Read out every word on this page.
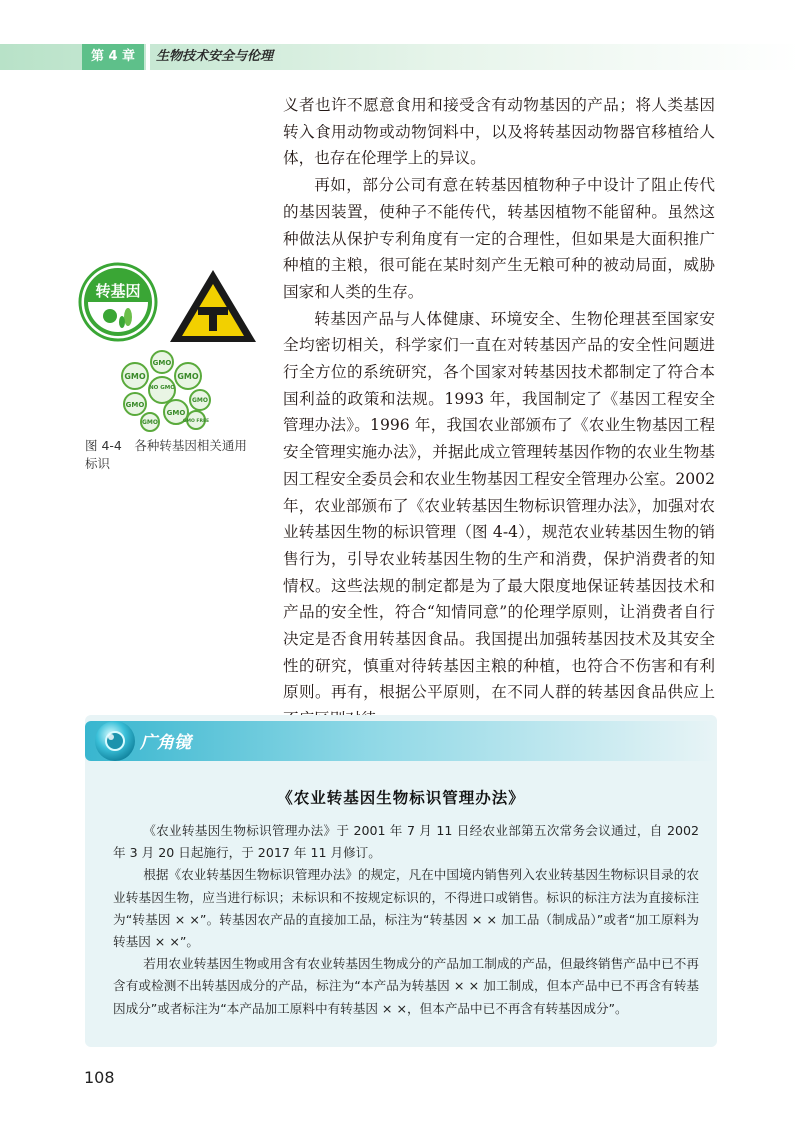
第 4 章	生物技术安全与伦理

义者也许不愿意食用和接受含有动物基因的产品；将人类基因转入食用动物或动物饲料中，以及将转基因动物器官移植给人体，也存在伦理学上的异议。

再如，部分公司有意在转基因植物种子中设计了阻止传代的基因装置，使种子不能传代，转基因植物不能留种。虽然这种做法从保护专利角度有一定的合理性，但如果是大面积推广种植的主粮，很可能在某时刻产生无粮可种的被动局面，威胁国家和人类的生存。

转基因产品与人体健康、环境安全、生物伦理甚至国家安全均密切相关，科学家们一直在对转基因产品的安全性问题进行全方位的系统研究，各个国家对转基因技术都制定了符合本国利益的政策和法规。1993 年，我国制定了《基因工程安全管理办法》。1996 年，我国农业部颁布了《农业生物基因工程安全管理实施办法》，并据此成立管理转基因作物的农业生物基因工程安全委员会和农业生物基因工程安全管理办公室。2002 年，农业部颁布了《农业转基因生物标识管理办法》，加强对农业转基因生物的标识管理（图 4-4），规范农业转基因生物的销售行为，引导农业转基因生物的生产和消费，保护消费者的知情权。这些法规的制定都是为了最大限度地保证转基因技术和产品的安全性，符合“知情同意”的伦理学原则，让消费者自行决定是否食用转基因食品。我国提出加强转基因技术及其安全性的研究，慎重对待转基因主粮的种植，也符合不伤害和有利原则。再有，根据公平原则，在不同人群的转基因食品供应上

转基因
T
GMO
GMO	GMO
NO GMO
GMO
GMO
GMO
GMO FREE
GMO
图 4-4　各种转基因相关通用标识
广角镜
《农业转基因生物标识管理办法》

《农业转基因生物标识管理办法》于 2001 年 7 月 11 日经农业部第五次常务会议通过，自 2002 年 3 月 20 日起施行，于 2017 年 11 月修订。

根据《农业转基因生物标识管理办法》的规定，凡在中国境内销售列入农业转基因生物标识目录的农业转基因生物，应当进行标识；未标识和不按规定标识的，不得进口或销售。标识的标注方法为直接标注为“转基因 × ×”。转基因农产品的直接加工品，标注为“转基因 × × 加工品（制成品）”或者“加工原料为转基因 × ×”。

若用农业转基因生物或用含有农业转基因生物成分的产品加工制成的产品，但最终销售产品中已不再含有或检测不出转基因成分的产品，标注为“本产品为转基因 × × 加工制成，但本产品中已不再含有转基因成分”或者标注为“本产品加工原料中有转基因 × ×，但本产品中已不再含有转基因成分”。

108
